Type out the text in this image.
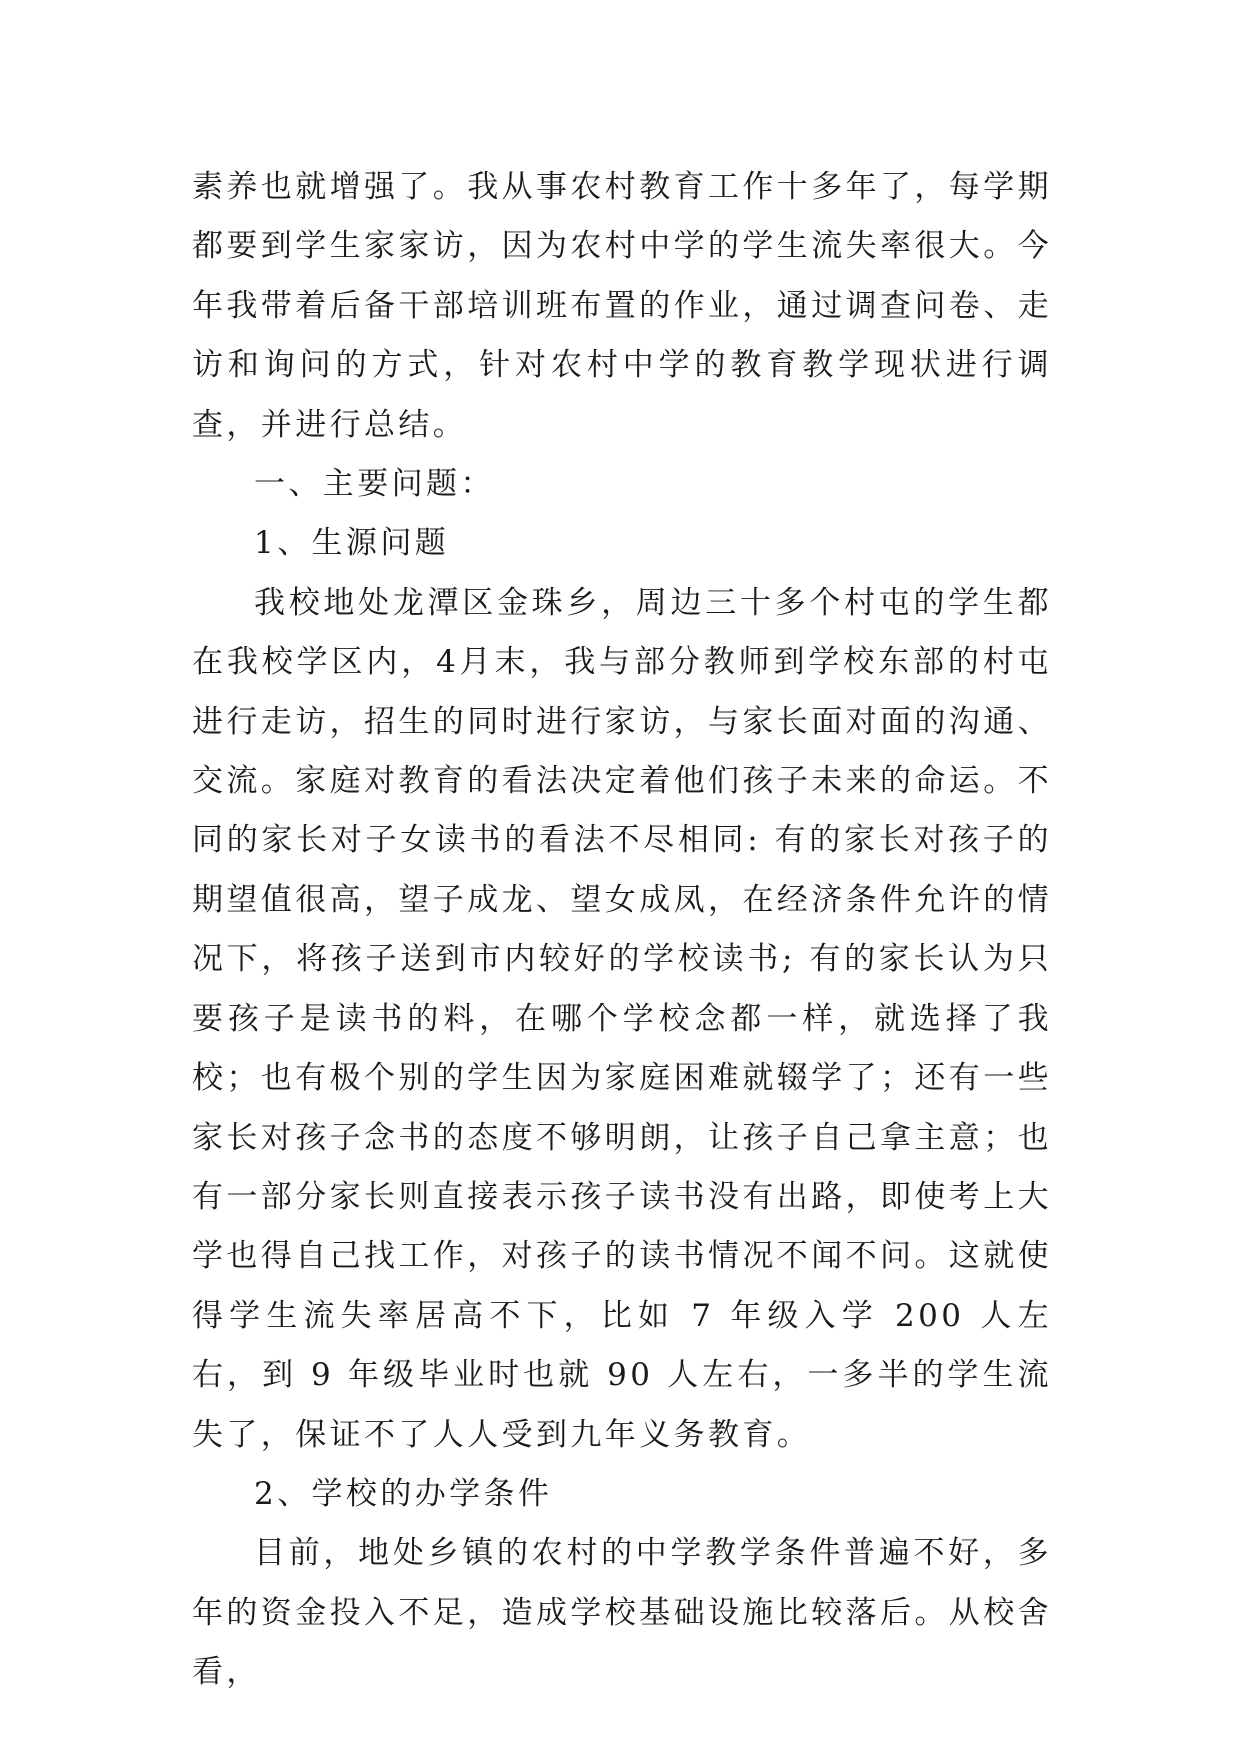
素养也就增强了。我从事农村教育工作十多年了，每学期都要到学生家家访，因为农村中学的学生流失率很大。今年我带着后备干部培训班布置的作业，通过调查问卷、走访和询问的方式，针对农村中学的教育教学现状进行调查，并进行总结。

一、主要问题：

1、生源问题

我校地处龙潭区金珠乡，周边三十多个村屯的学生都在我校学区内，4月末，我与部分教师到学校东部的村屯进行走访，招生的同时进行家访，与家长面对面的沟通、交流。家庭对教育的看法决定着他们孩子未来的命运。不同的家长对子女读书的看法不尽相同: 有的家长对孩子的期望值很高，望子成龙、望女成凤，在经济条件允许的情况下，将孩子送到市内较好的学校读书; 有的家长认为只要孩子是读书的料，在哪个学校念都一样，就选择了我校；也有极个别的学生因为家庭困难就辍学了；还有一些家长对孩子念书的态度不够明朗，让孩子自己拿主意；也有一部分家长则直接表示孩子读书没有出路，即使考上大学也得自己找工作，对孩子的读书情况不闻不问。这就使得学生流失率居高不下，比如 7 年级入学 200 人左右，到 9 年级毕业时也就 90 人左右，一多半的学生流失了，保证不了人人受到九年义务教育。

2、学校的办学条件

目前，地处乡镇的农村的中学教学条件普遍不好，多年的资金投入不足，造成学校基础设施比较落后。从校舍看，
